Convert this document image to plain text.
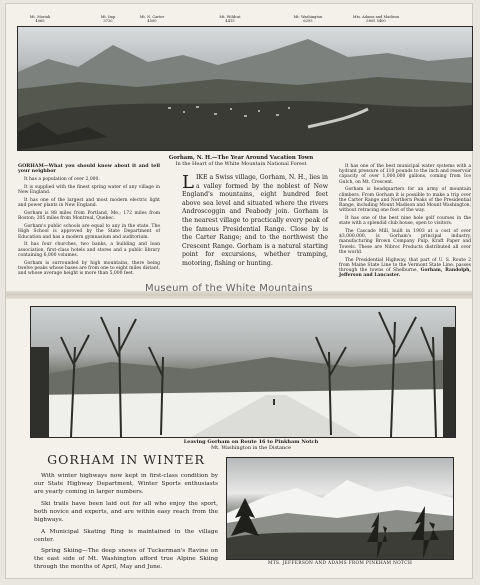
Mt. Moriah
4065
Mt. Imp
3720
Mt. N. Carter
4500
Mt. Wildcat
4415
Mt. Washington
6293
Mts. Adams and Madison
5805 5400
Gorham, N. H.—The Year Around Vacation Town
In the Heart of the White Mountain National Forest

GORHAM—What you should know about it and tell your neighbor

It has a population of over 2,000.

It is supplied with the finest spring water of any village in New England.

It has one of the largest and most modern electric light and power plants in New England.

Gorham is 88 miles from Portland, Me.; 172 miles from Boston; 205 miles from Montreal, Quebec.

Gorham's public schools are equal to any in the state. The High School is approved by the State Department of Education and has a modern gymnasium and auditorium.

It has four churches, two banks, a building and loan association, first-class hotels and stores and a public library containing 6,000 volumes.

Gorham is surrounded by high mountains, there being twelve peaks whose bases are from one to eight miles distant, and whose average height is more than 5,000 feet.

LIKE a Swiss village, Gorham, N. H., lies in a valley formed by the noblest of New England's mountains, eight hundred feet above sea level and situated where the rivers Androscoggin and Peabody join. Gorham is the nearest village to practically every peak of the famous Presidential Range. Close by is the Carter Range; and to the northwest the Crescent Range. Gorham is a natural starting point for excursions, whether tramping, motoring, fishing or hunting.

It has one of the best municipal water systems with a hydrant pressure of 110 pounds to the inch and reservoir capacity of over 1,000,000 gallons, coming from Ice Gulch, on Mt. Crescent.

Gorham is headquarters for an army of mountain climbers. From Gorham it is possible to make a trip over the Carter Range and Northern Peaks of the Presidential Range, including Mount Madison and Mount Washington, without retracing one foot of the way.

It has one of the best nine hole golf courses in the state with a splendid club house, open to visitors.

The Cascade Mill, built in 1903 at a cost of over $3,000,000, is Gorham's principal industry, manufacturing Brown Company Pulp, Kraft Paper and Towels. These are Nibroc Products distributed all over the world.

The Presidential Highway, that part of U. S. Route 2 from Maine State Line to the Vermont State Line, passes through the towns of Shelburne, Gorham, Randolph, Jefferson and Lancaster.

Museum of the White Mountains
Leaving Gorham on Route 16 to Pinkham Notch
Mt. Washington in the Distance
GORHAM IN WINTER

With winter highways now kept in first-class condition by our State Highway Department, Winter Sports enthusiasts are yearly coming in larger numbers.

Ski trails have been laid out for all who enjoy the sport, both novice and experts, and are within easy reach from the highways.

A Municipal Skating Ring is maintained in the village center.

Spring Skiing—The deep snows of Tuckerman's Ravine on the east side of Mt. Washington afford true Alpine Skiing through the months of April, May and June.

MTS. JEFFERSON AND ADAMS FROM PINKHAM NOTCH
